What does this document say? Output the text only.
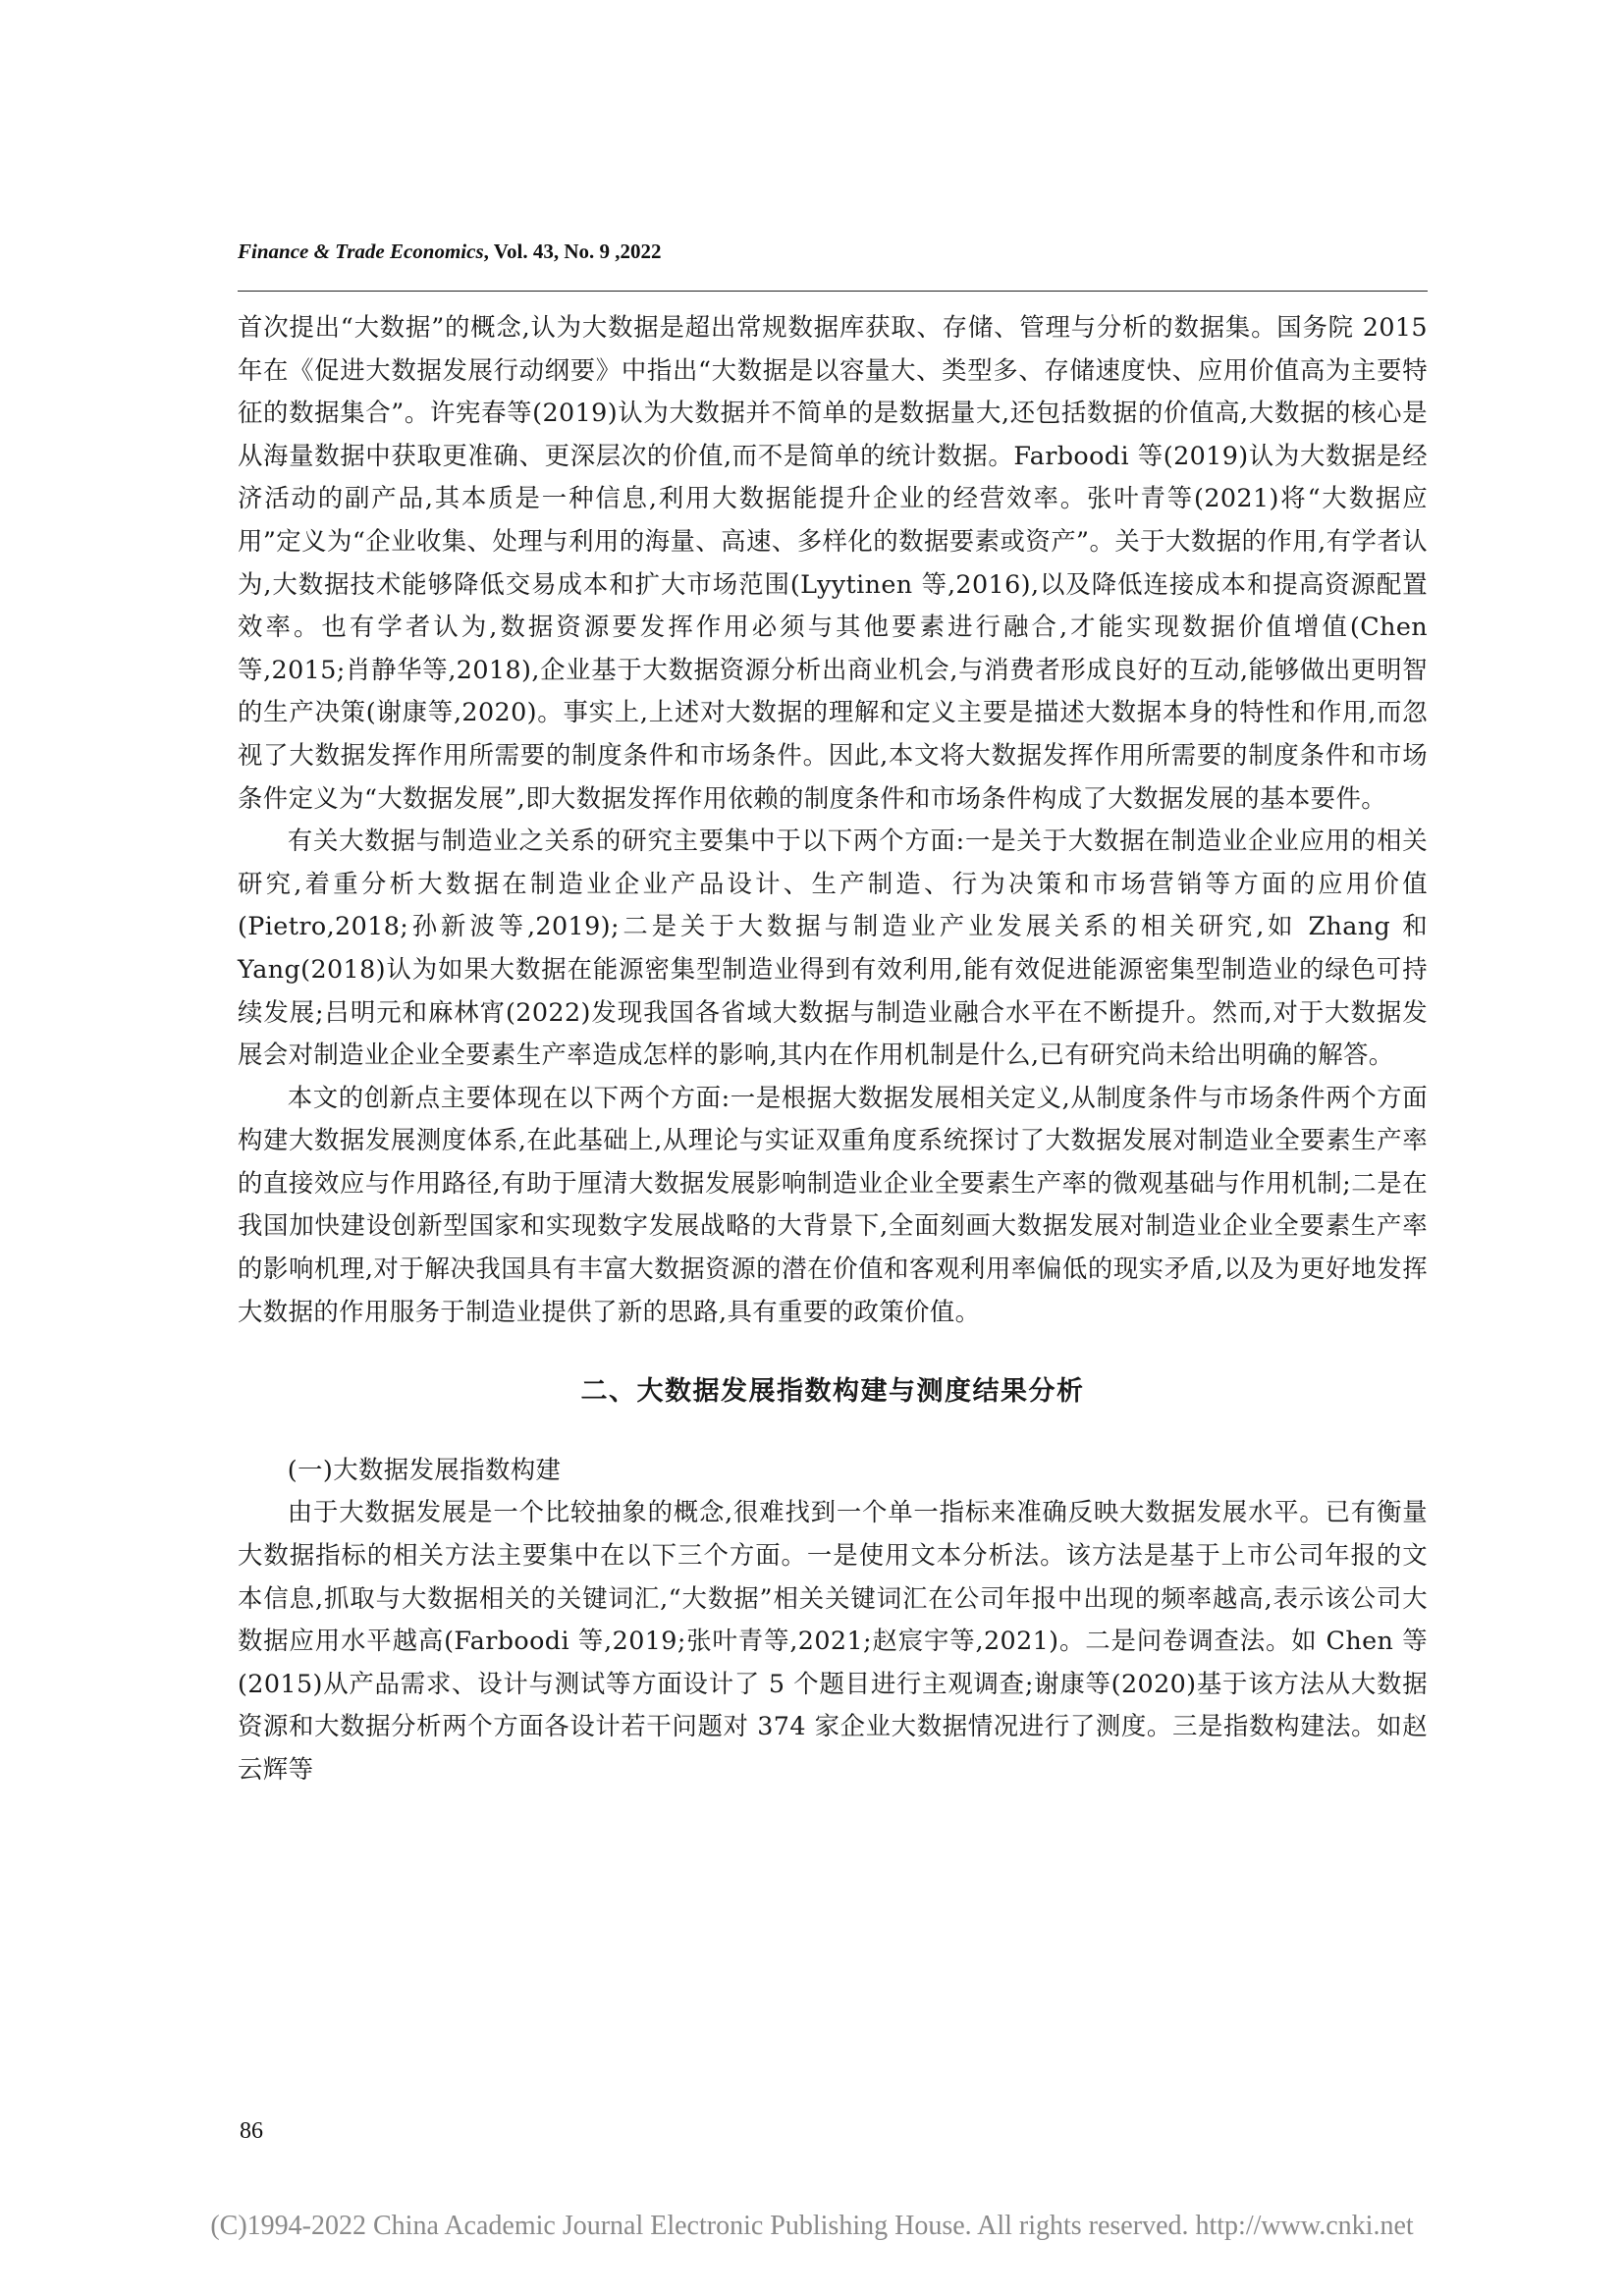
Finance & Trade Economics, Vol. 43, No. 9 ,2022

首次提出“大数据”的概念,认为大数据是超出常规数据库获取、存储、管理与分析的数据集。国务院 2015 年在《促进大数据发展行动纲要》中指出“大数据是以容量大、类型多、存储速度快、应用价值高为主要特征的数据集合”。许宪春等(2019)认为大数据并不简单的是数据量大,还包括数据的价值高,大数据的核心是从海量数据中获取更准确、更深层次的价值,而不是简单的统计数据。Farboodi 等(2019)认为大数据是经济活动的副产品,其本质是一种信息,利用大数据能提升企业的经营效率。张叶青等(2021)将“大数据应用”定义为“企业收集、处理与利用的海量、高速、多样化的数据要素或资产”。关于大数据的作用,有学者认为,大数据技术能够降低交易成本和扩大市场范围(Lyytinen 等,2016),以及降低连接成本和提高资源配置效率。也有学者认为,数据资源要发挥作用必须与其他要素进行融合,才能实现数据价值增值(Chen 等,2015;肖静华等,2018),企业基于大数据资源分析出商业机会,与消费者形成良好的互动,能够做出更明智的生产决策(谢康等,2020)。事实上,上述对大数据的理解和定义主要是描述大数据本身的特性和作用,而忽视了大数据发挥作用所需要的制度条件和市场条件。因此,本文将大数据发挥作用所需要的制度条件和市场条件定义为“大数据发展”,即大数据发挥作用依赖的制度条件和市场条件构成了大数据发展的基本要件。

有关大数据与制造业之关系的研究主要集中于以下两个方面:一是关于大数据在制造业企业应用的相关研究,着重分析大数据在制造业企业产品设计、生产制造、行为决策和市场营销等方面的应用价值(Pietro,2018;孙新波等,2019);二是关于大数据与制造业产业发展关系的相关研究,如 Zhang 和 Yang(2018)认为如果大数据在能源密集型制造业得到有效利用,能有效促进能源密集型制造业的绿色可持续发展;吕明元和麻林宵(2022)发现我国各省域大数据与制造业融合水平在不断提升。然而,对于大数据发展会对制造业企业全要素生产率造成怎样的影响,其内在作用机制是什么,已有研究尚未给出明确的解答。

本文的创新点主要体现在以下两个方面:一是根据大数据发展相关定义,从制度条件与市场条件两个方面构建大数据发展测度体系,在此基础上,从理论与实证双重角度系统探讨了大数据发展对制造业全要素生产率的直接效应与作用路径,有助于厘清大数据发展影响制造业企业全要素生产率的微观基础与作用机制;二是在我国加快建设创新型国家和实现数字发展战略的大背景下,全面刻画大数据发展对制造业企业全要素生产率的影响机理,对于解决我国具有丰富大数据资源的潜在价值和客观利用率偏低的现实矛盾,以及为更好地发挥大数据的作用服务于制造业提供了新的思路,具有重要的政策价值。

二、大数据发展指数构建与测度结果分析

(一)大数据发展指数构建

由于大数据发展是一个比较抽象的概念,很难找到一个单一指标来准确反映大数据发展水平。已有衡量大数据指标的相关方法主要集中在以下三个方面。一是使用文本分析法。该方法是基于上市公司年报的文本信息,抓取与大数据相关的关键词汇,“大数据”相关关键词汇在公司年报中出现的频率越高,表示该公司大数据应用水平越高(Farboodi 等,2019;张叶青等,2021;赵宸宇等,2021)。二是问卷调查法。如 Chen 等(2015)从产品需求、设计与测试等方面设计了 5 个题目进行主观调查;谢康等(2020)基于该方法从大数据资源和大数据分析两个方面各设计若干问题对 374 家企业大数据情况进行了测度。三是指数构建法。如赵云辉等

86
(C)1994-2022 China Academic Journal Electronic Publishing House. All rights reserved. http://www.cnki.net
